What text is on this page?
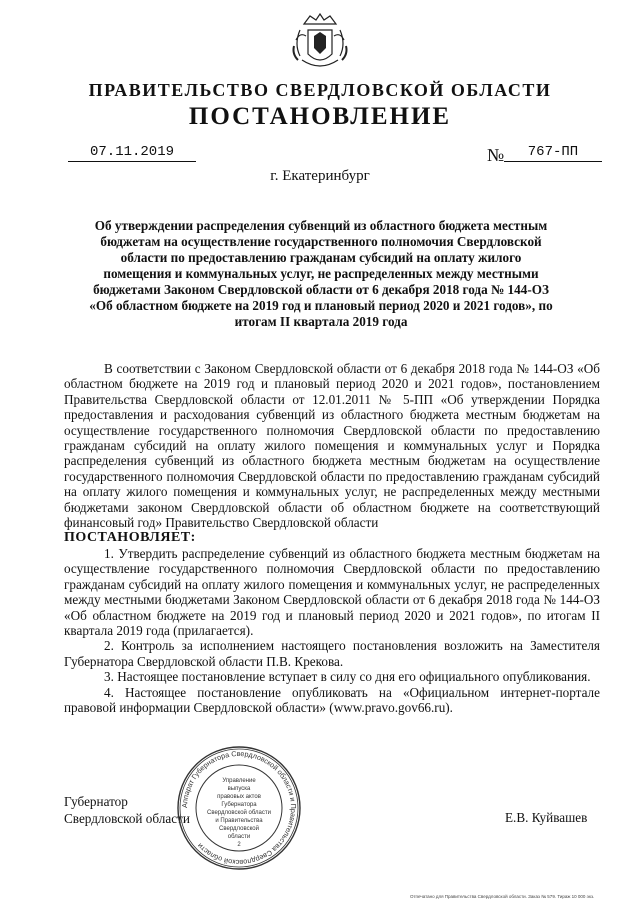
ПРАВИТЕЛЬСТВО СВЕРДЛОВСКОЙ ОБЛАСТИ
ПОСТАНОВЛЕНИЕ
07.11.2019	№	767-ПП
г. Екатеринбург
Об утверждении распределения субвенций из областного бюджета местным бюджетам на осуществление государственного полномочия Свердловской области по предоставлению гражданам субсидий на оплату жилого помещения и коммунальных услуг, не распределенных между местными бюджетами Законом Свердловской области от 6 декабря 2018 года № 144-ОЗ «Об областном бюджете на 2019 год и плановый период 2020 и 2021 годов», по итогам II квартала 2019 года

В соответствии с Законом Свердловской области от 6 декабря 2018 года № 144-ОЗ «Об областном бюджете на 2019 год и плановый период 2020 и 2021 годов», постановлением Правительства Свердловской области от 12.01.2011 № 5-ПП «Об утверждении Порядка предоставления и расходования субвенций из областного бюджета местным бюджетам на осуществление государственного полномочия Свердловской области по предоставлению гражданам субсидий на оплату жилого помещения и коммунальных услуг и Порядка распределения субвенций из областного бюджета местным бюджетам на осуществление государственного полномочия Свердловской области по предоставлению гражданам субсидий на оплату жилого помещения и коммунальных услуг, не распределенных между местными бюджетами законом Свердловской области об областном бюджете на соответствующий финансовый год» Правительство Свердловской области

ПОСТАНОВЛЯЕТ:

1. Утвердить распределение субвенций из областного бюджета местным бюджетам на осуществление государственного полномочия Свердловской области по предоставлению гражданам субсидий на оплату жилого помещения и коммунальных услуг, не распределенных между местными бюджетами Законом Свердловской области от 6 декабря 2018 года № 144-ОЗ «Об областном бюджете на 2019 год и плановый период 2020 и 2021 годов», по итогам II квартала 2019 года (прилагается).

2. Контроль за исполнением настоящего постановления возложить на Заместителя Губернатора Свердловской области П.В. Крекова.

3. Настоящее постановление вступает в силу со дня его официального опубликования.

4. Настоящее постановление опубликовать на «Официальном интернет-портале правовой информации Свердловской области» (www.pravo.gov66.ru).

Губернатор
Свердловской области	Е.В. Куйвашев
Аппарат Губернатора Свердловской области и Правительства Свердловской области
Управление
выпуска
правовых актов
Губернатора
Свердловской области
и Правительства
Свердловской
области
2
Отпечатано для Правительства Свердловской области. Заказ № 579. Тираж 10 000 экз.
